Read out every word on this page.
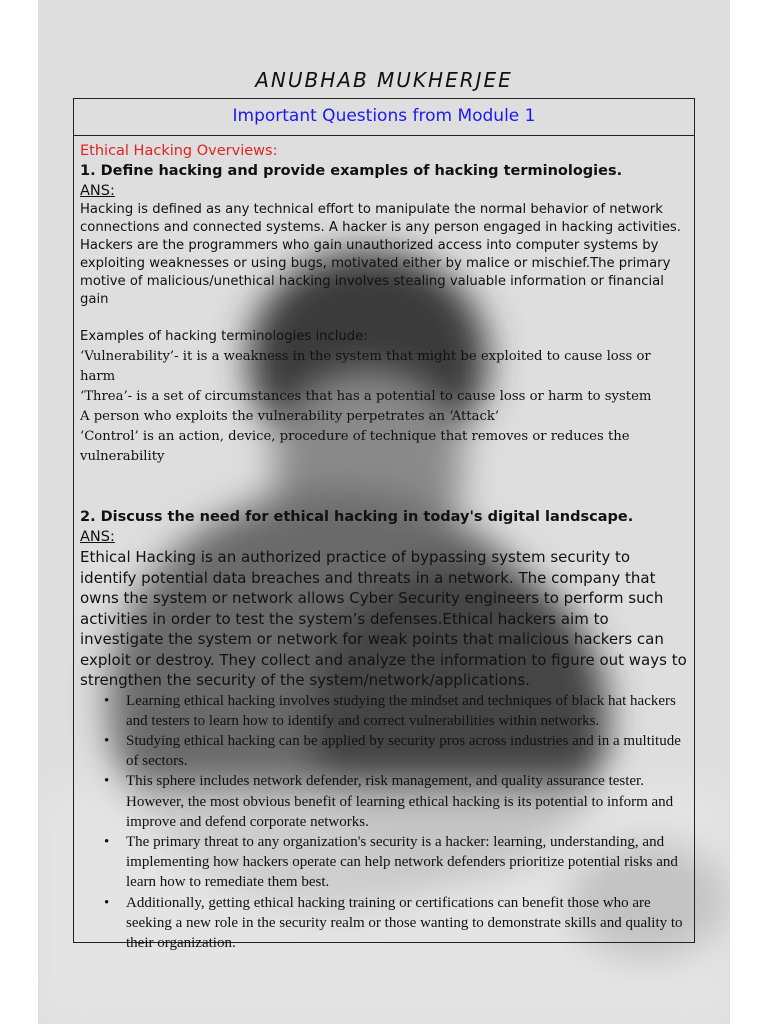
ANUBHAB MUKHERJEE
Important Questions from Module 1
Ethical Hacking Overviews:
1. Define hacking and provide examples of hacking terminologies.
ANS:

Hacking is defined as any technical effort to manipulate the normal behavior of network connections and connected systems. A hacker is any person engaged in hacking activities. Hackers are the programmers who gain unauthorized access into computer systems by exploiting weaknesses or using bugs, motivated either by malice or mischief.The primary motive of malicious/unethical hacking involves stealing valuable information or financial gain

Examples of hacking terminologies include:

‘Vulnerability’- it is a weakness in the system that might be exploited to cause loss or harm
‘Threa’- is a set of circumstances that has a potential to cause loss or harm to system
A person who exploits the vulnerability perpetrates an ‘Attack’
‘Control’ is an action, device, procedure of technique that removes or reduces the vulnerability
2. Discuss the need for ethical hacking in today's digital landscape.
ANS:

Ethical Hacking is an authorized practice of bypassing system security to identify potential data breaches and threats in a network. The company that owns the system or network allows Cyber Security engineers to perform such activities in order to test the system’s defenses.Ethical hackers aim to investigate the system or network for weak points that malicious hackers can exploit or destroy. They collect and analyze the information to figure out ways to strengthen the security of the system/network/applications.

• Learning ethical hacking involves studying the mindset and techniques of black hat hackers and testers to learn how to identify and correct vulnerabilities within networks.
• Studying ethical hacking can be applied by security pros across industries and in a multitude of sectors.
• This sphere includes network defender, risk management, and quality assurance tester. However, the most obvious benefit of learning ethical hacking is its potential to inform and improve and defend corporate networks.
• The primary threat to any organization's security is a hacker: learning, understanding, and implementing how hackers operate can help network defenders prioritize potential risks and learn how to remediate them best.
• Additionally, getting ethical hacking training or certifications can benefit those who are seeking a new role in the security realm or those wanting to demonstrate skills and quality to their organization.
